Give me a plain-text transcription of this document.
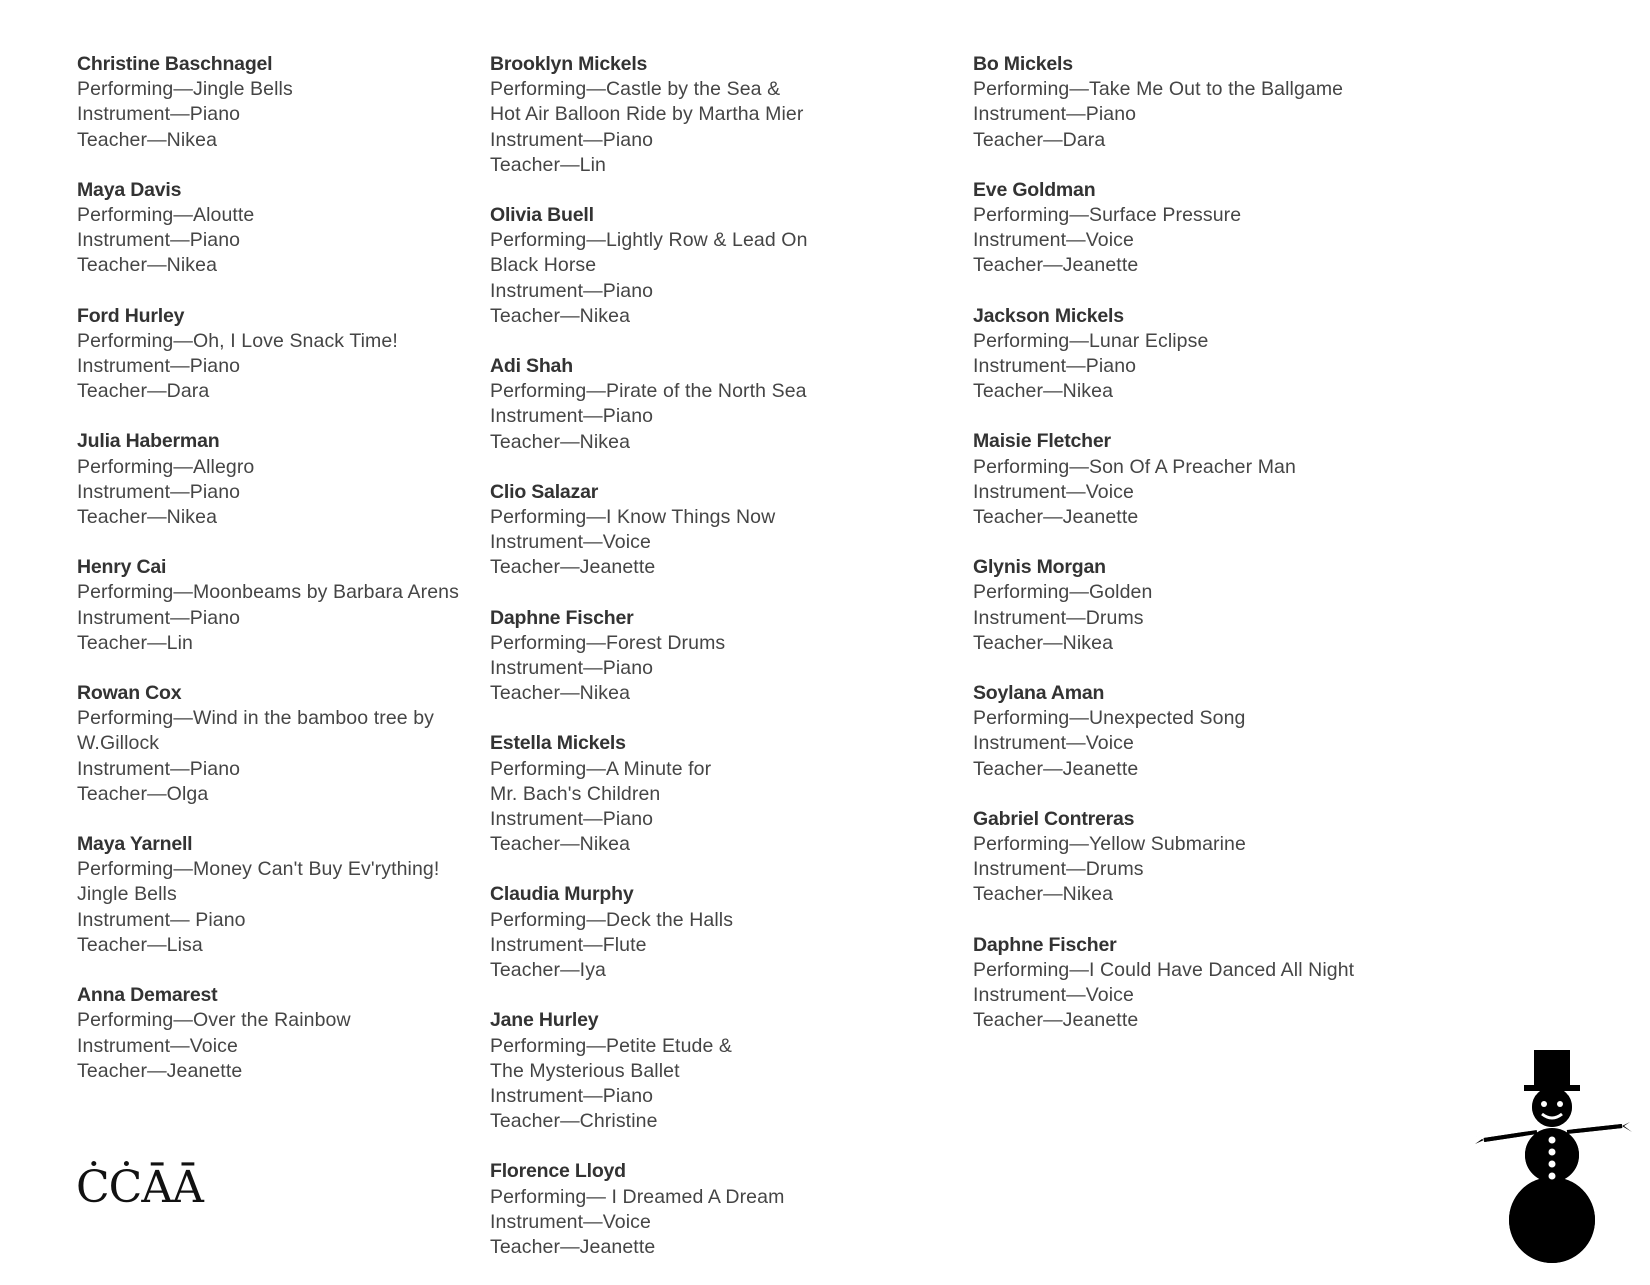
Christine Baschnagel
Performing—Jingle Bells
Instrument—Piano
Teacher—Nikea
Maya Davis
Performing—Aloutte
Instrument—Piano
Teacher—Nikea
Ford Hurley
Performing—Oh, I Love Snack Time!
Instrument—Piano
Teacher—Dara
Julia Haberman
Performing—Allegro
Instrument—Piano
Teacher—Nikea
Henry Cai
Performing—Moonbeams by Barbara Arens
Instrument—Piano
Teacher—Lin
Rowan Cox
Performing—Wind in the bamboo tree by
W.Gillock
Instrument—Piano
Teacher—Olga
Maya Yarnell
Performing—Money Can't Buy Ev'rything!
Jingle Bells
Instrument— Piano
Teacher—Lisa
Anna Demarest
Performing—Over the Rainbow
Instrument—Voice
Teacher—Jeanette
Brooklyn Mickels
Performing—Castle by the Sea &
Hot Air Balloon Ride by Martha Mier
Instrument—Piano
Teacher—Lin
Olivia Buell
Performing—Lightly Row & Lead On
Black Horse
Instrument—Piano
Teacher—Nikea
Adi Shah
Performing—Pirate of the North Sea
Instrument—Piano
Teacher—Nikea
Clio Salazar
Performing—I Know Things Now
Instrument—Voice
Teacher—Jeanette
Daphne Fischer
Performing—Forest Drums
Instrument—Piano
Teacher—Nikea
Estella Mickels
Performing—A Minute for
Mr. Bach's Children
Instrument—Piano
Teacher—Nikea
Claudia Murphy
Performing—Deck the Halls
Instrument—Flute
Teacher—Iya
Jane Hurley
Performing—Petite Etude &
The Mysterious Ballet
Instrument—Piano
Teacher—Christine
Florence Lloyd
Performing— I Dreamed A Dream
Instrument—Voice
Teacher—Jeanette
Bo Mickels
Performing—Take Me Out to the Ballgame
Instrument—Piano
Teacher—Dara
Eve Goldman
Performing—Surface Pressure
Instrument—Voice
Teacher—Jeanette
Jackson Mickels
Performing—Lunar Eclipse
Instrument—Piano
Teacher—Nikea
Maisie Fletcher
Performing—Son Of A Preacher Man
Instrument—Voice
Teacher—Jeanette
Glynis Morgan
Performing—Golden
Instrument—Drums
Teacher—Nikea
Soylana Aman
Performing—Unexpected Song
Instrument—Voice
Teacher—Jeanette
Gabriel Contreras
Performing—Yellow Submarine
Instrument—Drums
Teacher—Nikea
Daphne Fischer
Performing—I Could Have Danced All Night
Instrument—Voice
Teacher—Jeanette
ĊĊĀĀ
